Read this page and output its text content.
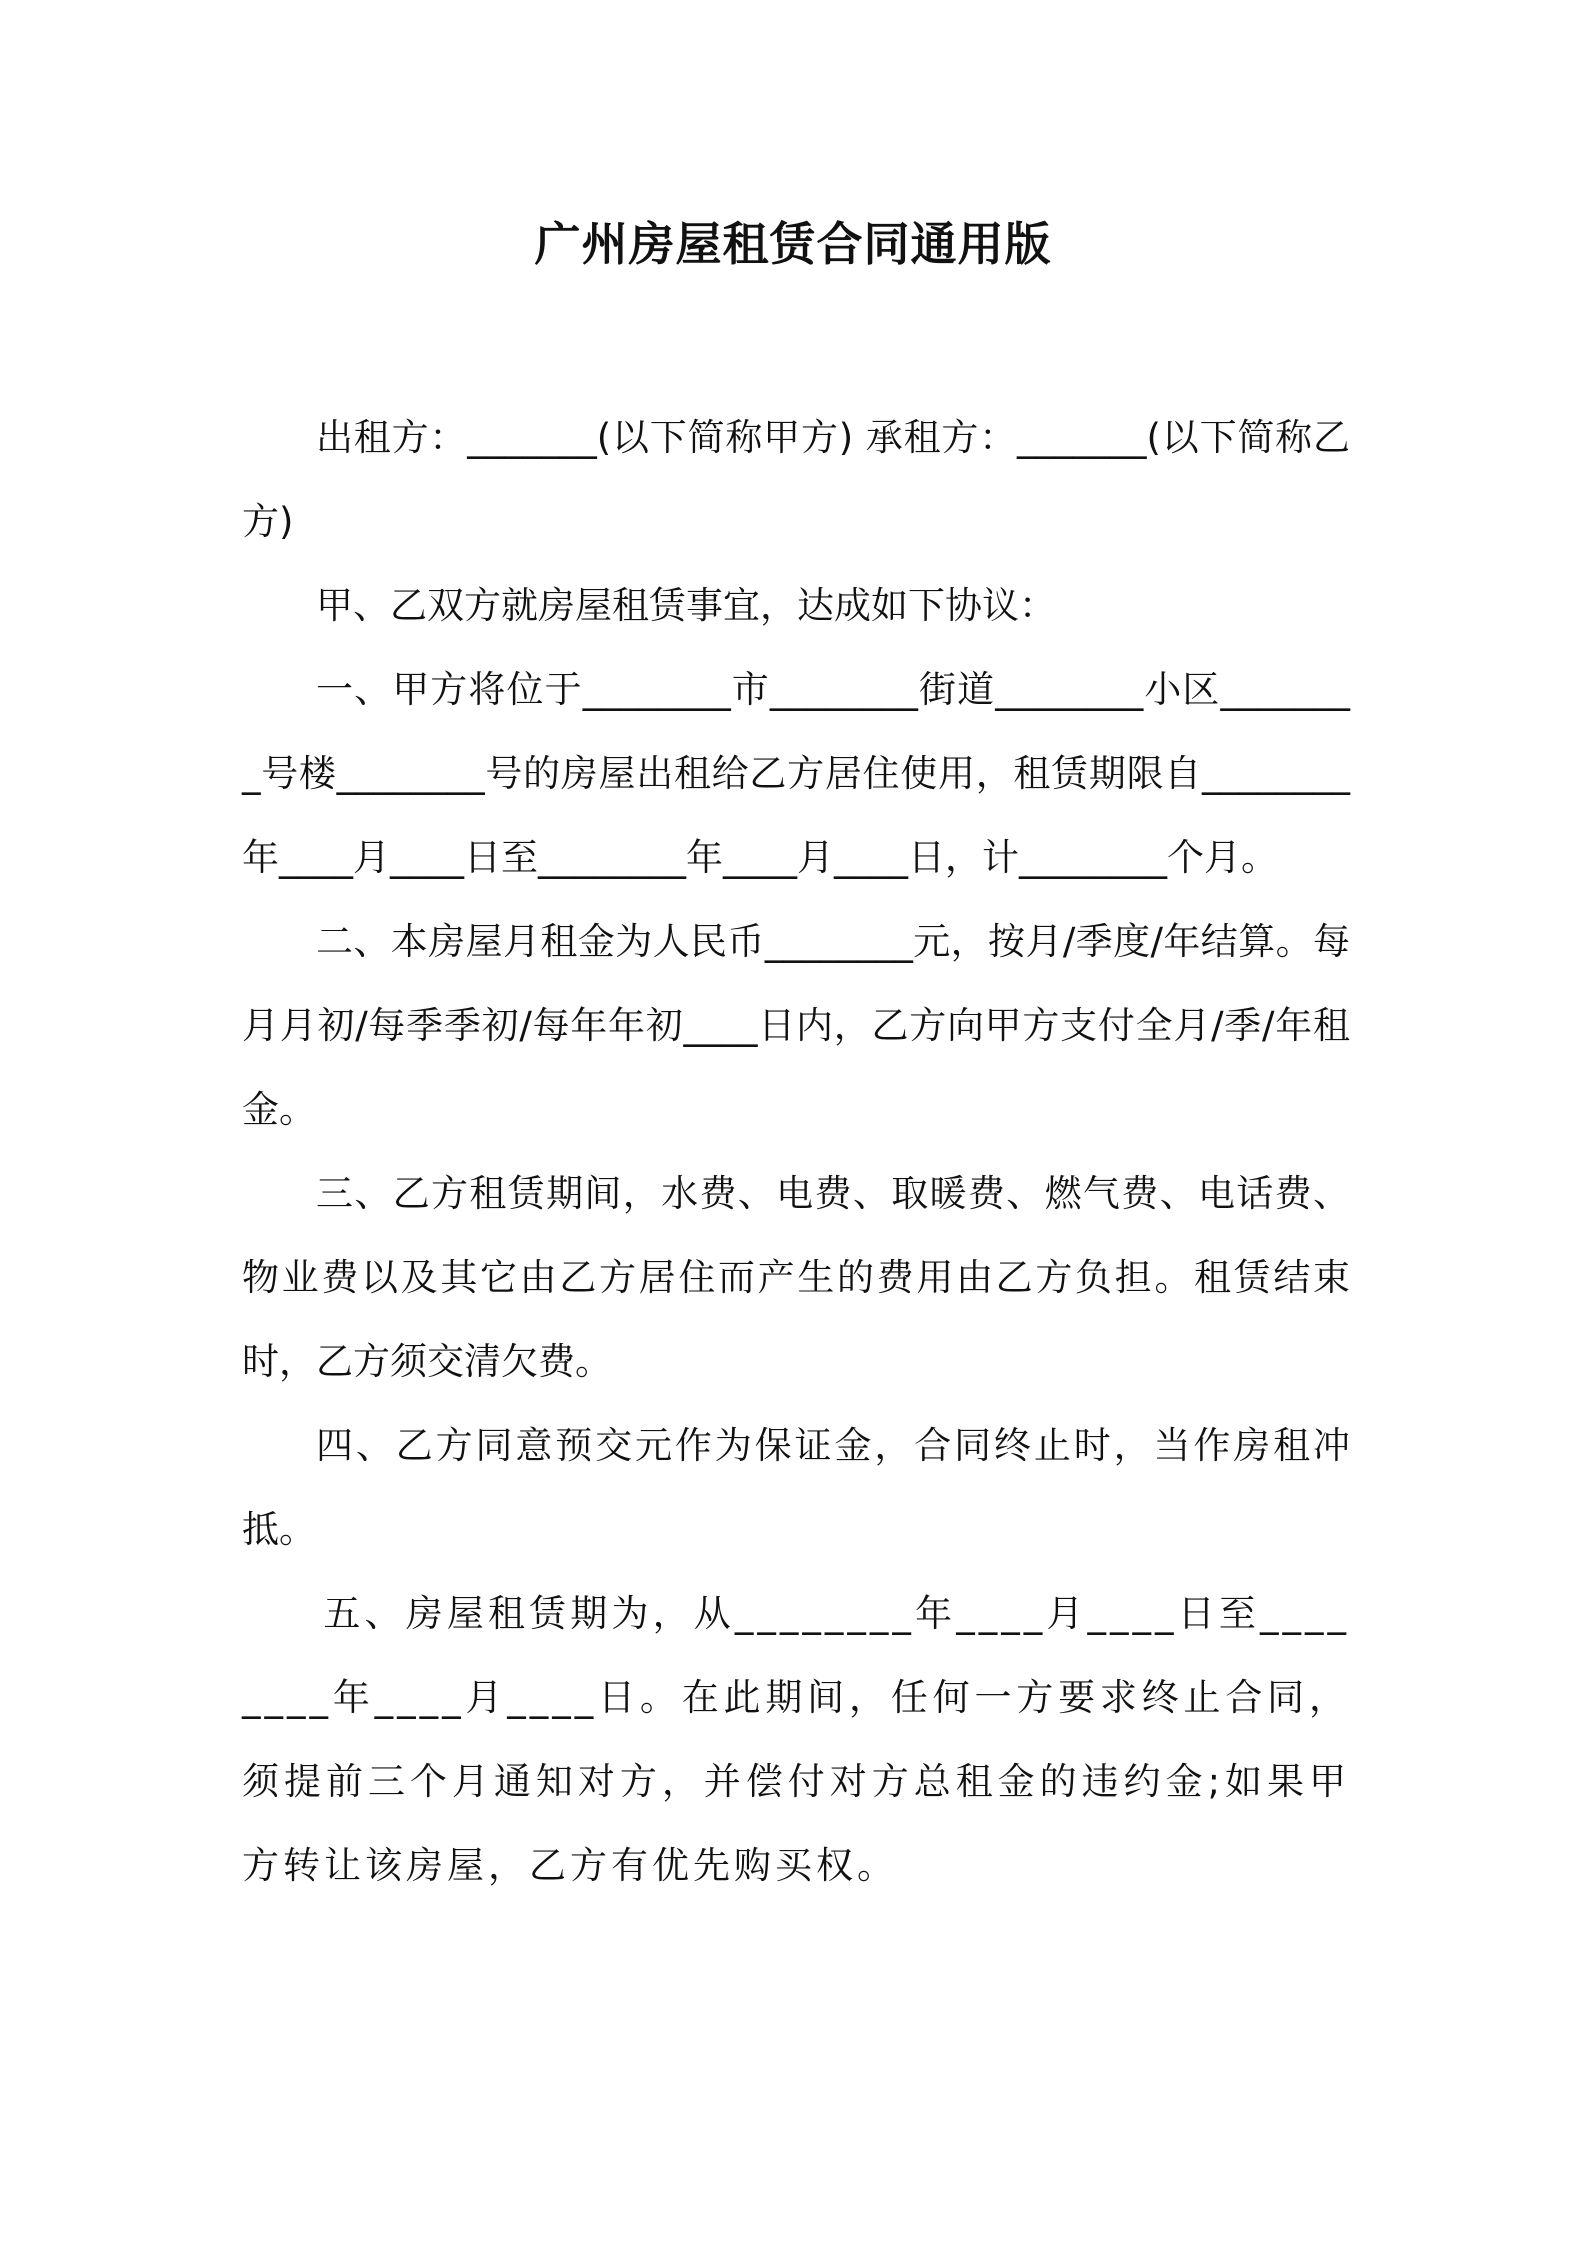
广州房屋租赁合同通用版

出租方：_______(以下简称甲方) 承租方：_______(以下简称乙方)

甲、乙双方就房屋租赁事宜，达成如下协议：

一、甲方将位于________市________街道________小区________号楼________号的房屋出租给乙方居住使用，租赁期限自________年____月____日至________年____月____日，计________个月。

二、本房屋月租金为人民币________元，按月/季度/年结算。每月月初/每季季初/每年年初____日内，乙方向甲方支付全月/季/年租金。

三、乙方租赁期间，水费、电费、取暖费、燃气费、电话费、物业费以及其它由乙方居住而产生的费用由乙方负担。租赁结束时，乙方须交清欠费。

四、乙方同意预交元作为保证金，合同终止时，当作房租冲抵。

五、房屋租赁期为，从________年____月____日至________年____月____日。在此期间，任何一方要求终止合同，须提前三个月通知对方，并偿付对方总租金的违约金;如果甲方转让该房屋，乙方有优先购买权。
